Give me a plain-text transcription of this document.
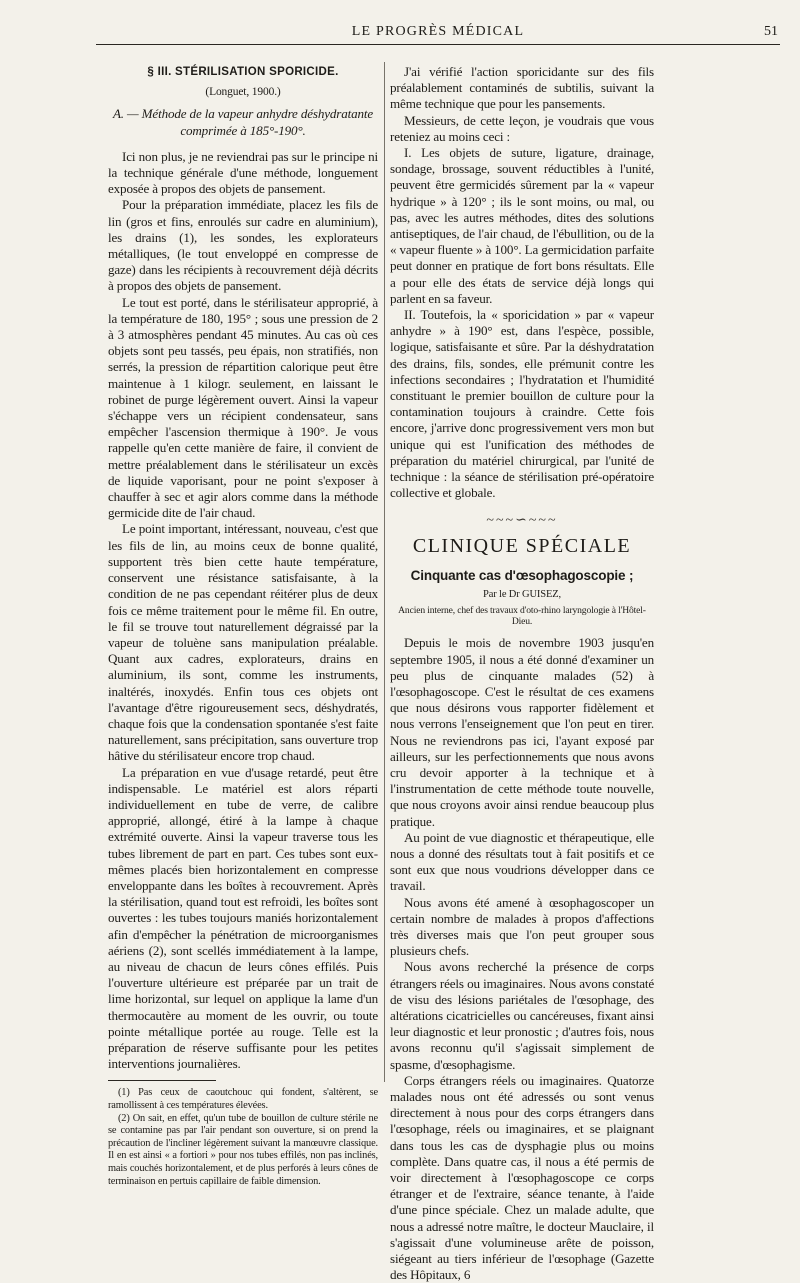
LE PROGRÈS MÉDICAL	51

§ III. STÉRILISATION SPORICIDE.

(Longuet, 1900.)

A. — Méthode de la vapeur anhydre déshydratante comprimée à 185°-190°.

Ici non plus, je ne reviendrai pas sur le principe ni la technique générale d'une méthode, longuement exposée à propos des objets de pansement.

Pour la préparation immédiate, placez les fils de lin (gros et fins, enroulés sur cadre en aluminium), les drains (1), les sondes, les explorateurs métalliques, (le tout enveloppé en compresse de gaze) dans les récipients à recouvrement déjà décrits à propos des objets de pansement.

Le tout est porté, dans le stérilisateur approprié, à la température de 180, 195° ; sous une pression de 2 à 3 atmosphères pendant 45 minutes. Au cas où ces objets sont peu tassés, peu épais, non stratifiés, non serrés, la pression de répartition calorique peut être maintenue à 1 kilogr. seulement, en laissant le robinet de purge légèrement ouvert. Ainsi la vapeur s'échappe vers un récipient condensateur, sans empêcher l'ascension thermique à 190°. Je vous rappelle qu'en cette manière de faire, il convient de mettre préalablement dans le stérilisateur un excès de liquide vaporisant, pour ne point s'exposer à chauffer à sec et agir alors comme dans la méthode germicide dite de l'air chaud.

Le point important, intéressant, nouveau, c'est que les fils de lin, au moins ceux de bonne qualité, supportent très bien cette haute température, conservent une résistance satisfaisante, à la condition de ne pas cependant réitérer plus de deux fois ce même traitement pour le même fil. En outre, le fil se trouve tout naturellement dégraissé par la vapeur de toluène sans manipulation préalable. Quant aux cadres, explorateurs, drains en aluminium, ils sont, comme les instruments, inaltérés, inoxydés. Enfin tous ces objets ont l'avantage d'être rigoureusement secs, déshydratés, chaque fois que la condensation spontanée s'est faite naturellement, sans précipitation, sans ouverture trop hâtive du stérilisateur encore trop chaud.

La préparation en vue d'usage retardé, peut être indispensable. Le matériel est alors réparti individuellement en tube de verre, de calibre approprié, allongé, étiré à la lampe à chaque extrémité ouverte. Ainsi la vapeur traverse tous les tubes librement de part en part. Ces tubes sont eux-mêmes placés bien horizontalement en compresse enveloppante dans les boîtes à recouvrement. Après la stérilisation, quand tout est refroidi, les boîtes sont ouvertes : les tubes toujours maniés horizontalement afin d'empêcher la pénétration de microorganismes aériens (2), sont scellés immédiatement à la lampe, au niveau de chacun de leurs cônes effilés. Puis l'ouverture ultérieure est préparée par un trait de lime horizontal, sur lequel on applique la lame d'un thermocautère au moment de les ouvrir, ou toute pointe métallique portée au rouge. Telle est la préparation de réserve suffisante pour les petites interventions journalières.

(1) Pas ceux de caoutchouc qui fondent, s'altèrent, se ramollissent à ces températures élevées.

(2) On sait, en effet, qu'un tube de bouillon de culture stérile ne se contamine pas par l'air pendant son ouverture, si on prend la précaution de l'incliner légèrement suivant la manœuvre classique. Il en est ainsi « a fortiori » pour nos tubes effilés, non pas inclinés, mais couchés horizontalement, et de plus perforés à leurs cônes de terminaison en pertuis capillaire de faible dimension.

J'ai vérifié l'action sporicidante sur des fils préalablement contaminés de subtilis, suivant la même technique que pour les pansements.

Messieurs, de cette leçon, je voudrais que vous reteniez au moins ceci :

I. Les objets de suture, ligature, drainage, sondage, brossage, souvent réductibles à l'unité, peuvent être germicidés sûrement par la « vapeur hydrique » à 120° ; ils le sont moins, ou mal, ou pas, avec les autres méthodes, dites des solutions antiseptiques, de l'air chaud, de l'ébullition, ou de la « vapeur fluente » à 100°. La germicidation parfaite peut donner en pratique de fort bons résultats. Elle a pour elle des états de service déjà longs qui parlent en sa faveur.

II. Toutefois, la « sporicidation » par « vapeur anhydre » à 190° est, dans l'espèce, possible, logique, satisfaisante et sûre. Par la déshydratation des drains, fils, sondes, elle prémunit contre les infections secondaires ; l'hydratation et l'humidité constituant le premier bouillon de culture pour la contamination toujours à craindre. Cette fois encore, j'arrive donc progressivement vers mon but unique qui est l'unification des méthodes de préparation du matériel chirurgical, par l'unité de technique : la séance de stérilisation pré-opératoire collective et globale.

~~~∽~~~

CLINIQUE SPÉCIALE

Cinquante cas d'œsophagoscopie ;

Par le Dr GUISEZ,

Ancien interne, chef des travaux d'oto-rhino laryngologie à l'Hôtel-Dieu.

Depuis le mois de novembre 1903 jusqu'en septembre 1905, il nous a été donné d'examiner un peu plus de cinquante malades (52) à l'œsophagoscope. C'est le résultat de ces examens que nous désirons vous rapporter fidèlement et nous verrons l'enseignement que l'on peut en tirer. Nous ne reviendrons pas ici, l'ayant exposé par ailleurs, sur les perfectionnements que nous avons cru devoir apporter à la technique et à l'instrumentation de cette méthode toute nouvelle, que nous croyons avoir ainsi rendue beaucoup plus pratique.

Au point de vue diagnostic et thérapeutique, elle nous a donné des résultats tout à fait positifs et ce sont eux que nous voudrions développer dans ce travail.

Nous avons été amené à œsophagoscoper un certain nombre de malades à propos d'affections très diverses mais que l'on peut grouper sous plusieurs chefs.

Nous avons recherché la présence de corps étrangers réels ou imaginaires. Nous avons constaté de visu des lésions pariétales de l'œsophage, des altérations cicatricielles ou cancéreuses, fixant ainsi leur diagnostic et leur pronostic ; d'autres fois, nous avons reconnu qu'il s'agissait simplement de spasme, d'œsophagisme.

Corps étrangers réels ou imaginaires. Quatorze malades nous ont été adressés ou sont venus directement à nous pour des corps étrangers dans l'œsophage, réels ou imaginaires, et se plaignant dans tous les cas de dysphagie plus ou moins complète. Dans quatre cas, il nous a été permis de voir directement à l'œsophagoscope ce corps étranger et de l'extraire, séance tenante, à l'aide d'une pince spéciale. Chez un malade adulte, que nous a adressé notre maître, le docteur Mauclaire, il s'agissait d'une volumineuse arête de poisson, siégeant au tiers inférieur de l'œsophage (Gazette des Hôpitaux, 6
